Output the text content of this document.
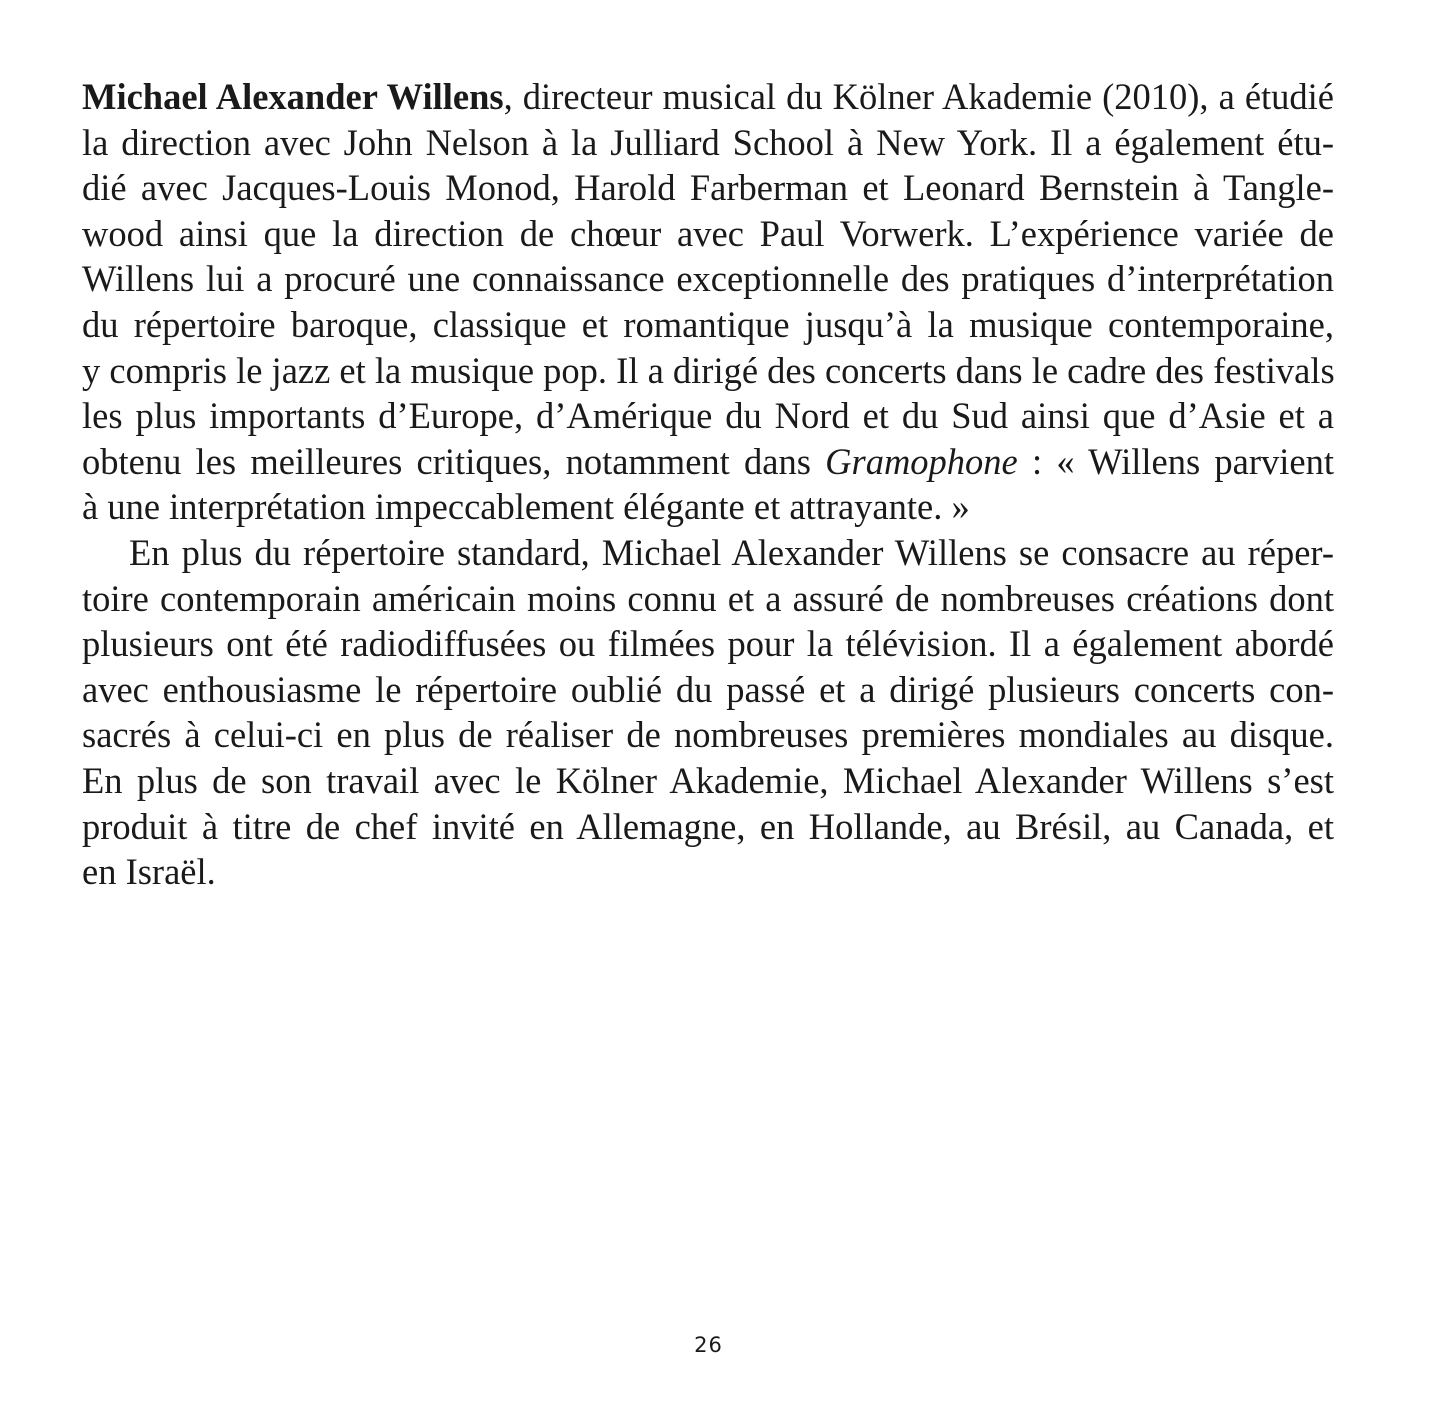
Michael Alexander Willens, directeur musical du Kölner Akademie (2010), a étudié
la direction avec John Nelson à la Julliard School à New York. Il a également étu-
dié avec Jacques-Louis Monod, Harold Farberman et Leonard Bernstein à Tangle-
wood ainsi que la direction de chœur avec Paul Vorwerk. L’expérience variée de
Willens lui a procuré une connaissance exceptionnelle des pratiques d’interprétation
du répertoire baroque, classique et romantique jusqu’à la musique contemporaine,
y compris le jazz et la musique pop. Il a dirigé des concerts dans le cadre des festivals
les plus importants d’Europe, d’Amérique du Nord et du Sud ainsi que d’Asie et a
obtenu les meilleures critiques, notamment dans Gramophone : « Willens parvient
à une interprétation impeccablement élégante et attrayante. »
En plus du répertoire standard, Michael Alexander Willens se consacre au réper-
toire contemporain américain moins connu et a assuré de nombreuses créations dont
plusieurs ont été radiodiffusées ou filmées pour la télévision. Il a également abordé
avec enthousiasme le répertoire oublié du passé et a dirigé plusieurs concerts con-
sacrés à celui-ci en plus de réaliser de nombreuses premières mondiales au disque.
En plus de son travail avec le Kölner Akademie, Michael Alexander Willens s’est
produit à titre de chef invité en Allemagne, en Hollande, au Brésil, au Canada, et
en Israël.
26
